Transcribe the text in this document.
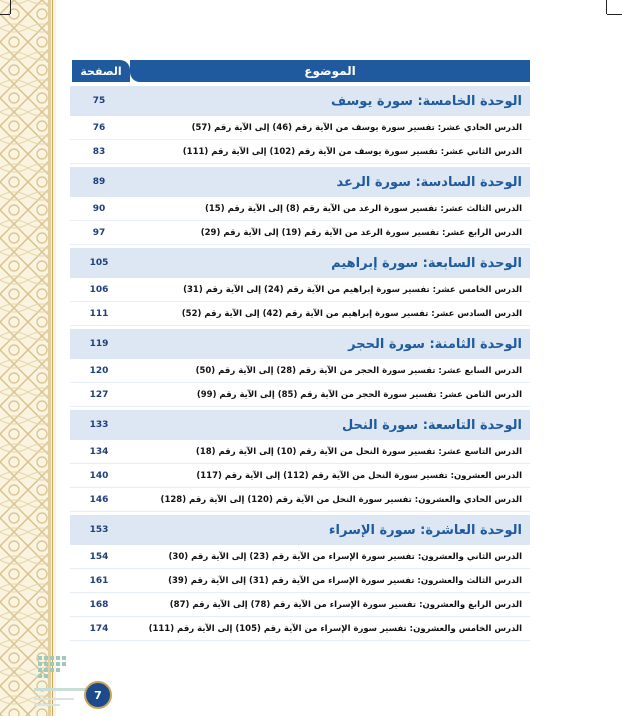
الموضوع
الصفحة
الوحدة الخامسة: سورة يوسف
75
الدرس الحادي عشر: تفسير سورة يوسف من الآية رقم (46) إلى الآية رقم (57)
76
الدرس الثاني عشر: تفسير سورة يوسف من الآية رقم (102) إلى الآية رقم (111)
83
الوحدة السادسة: سورة الرعد
89
الدرس الثالث عشر: تفسير سورة الرعد من الآية رقم (8) إلى الآية رقم (15)
90
الدرس الرابع عشر: تفسير سورة الرعد من الآية رقم (19) إلى الآية رقم (29)
97
الوحدة السابعة: سورة إبراهيم
105
الدرس الخامس عشر: تفسير سورة إبراهيم من الآية رقم (24) إلى الآية رقم (31)
106
الدرس السادس عشر: تفسير سورة إبراهيم من الآية رقم (42) إلى الآية رقم (52)
111
الوحدة الثامنة: سورة الحجر
119
الدرس السابع عشر: تفسير سورة الحجر من الآية رقم (28) إلى الآية رقم (50)
120
الدرس الثامن عشر: تفسير سورة الحجر من الآية رقم (85) إلى الآية رقم (99)
127
الوحدة التاسعة: سورة النحل
133
الدرس التاسع عشر: تفسير سورة النحل من الآية رقم (10) إلى الآية رقم (18)
134
الدرس العشرون: تفسير سورة النحل من الآية رقم (112) إلى الآية رقم (117)
140
الدرس الحادي والعشرون: تفسير سورة النحل من الآية رقم (120) إلى الآية رقم (128)
146
الوحدة العاشرة: سورة الإسراء
153
الدرس الثاني والعشرون: تفسير سورة الإسراء من الآية رقم (23) إلى الآية رقم (30)
154
الدرس الثالث والعشرون: تفسير سورة الإسراء من الآية رقم (31) إلى الآية رقم (39)
161
الدرس الرابع والعشرون: تفسير سورة الإسراء من الآية رقم (78) إلى الآية رقم (87)
168
الدرس الخامس والعشرون: تفسير سورة الإسراء من الآية رقم (105) إلى الآية رقم (111)
174
7
